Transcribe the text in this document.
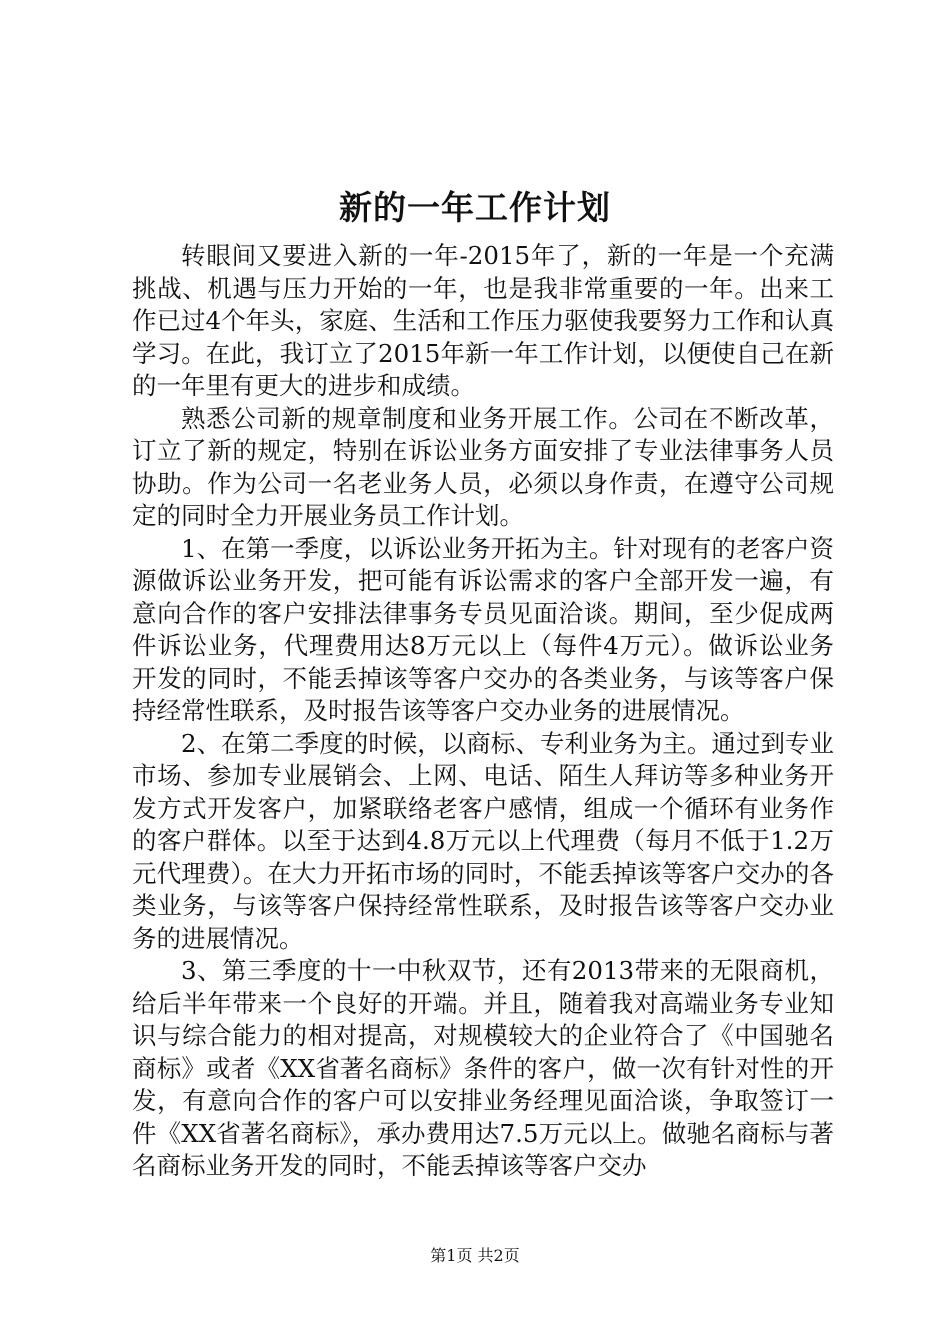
新的一年工作计划

转眼间又要进入新的一年-2015年了，新的一年是一个充满挑战、机遇与压力开始的一年，也是我非常重要的一年。出来工作已过4个年头，家庭、生活和工作压力驱使我要努力工作和认真学习。在此，我订立了2015年新一年工作计划，以便使自己在新的一年里有更大的进步和成绩。

熟悉公司新的规章制度和业务开展工作。公司在不断改革，订立了新的规定，特别在诉讼业务方面安排了专业法律事务人员协助。作为公司一名老业务人员，必须以身作责，在遵守公司规定的同时全力开展业务员工作计划。

1、在第一季度，以诉讼业务开拓为主。针对现有的老客户资源做诉讼业务开发，把可能有诉讼需求的客户全部开发一遍，有意向合作的客户安排法律事务专员见面洽谈。期间，至少促成两件诉讼业务，代理费用达8万元以上（每件4万元）。做诉讼业务开发的同时，不能丢掉该等客户交办的各类业务，与该等客户保持经常性联系，及时报告该等客户交办业务的进展情况。

2、在第二季度的时候，以商标、专利业务为主。通过到专业市场、参加专业展销会、上网、电话、陌生人拜访等多种业务开发方式开发客户，加紧联络老客户感情，组成一个循环有业务作的客户群体。以至于达到4.8万元以上代理费（每月不低于1.2万元代理费）。在大力开拓市场的同时，不能丢掉该等客户交办的各类业务，与该等客户保持经常性联系，及时报告该等客户交办业务的进展情况。

3、第三季度的十一中秋双节，还有2013带来的无限商机，给后半年带来一个良好的开端。并且，随着我对高端业务专业知识与综合能力的相对提高，对规模较大的企业符合了《中国驰名商标》或者《XX省著名商标》条件的客户，做一次有针对性的开发，有意向合作的客户可以安排业务经理见面洽谈，争取签订一件《XX省著名商标》，承办费用达7.5万元以上。做驰名商标与著名商标业务开发的同时，不能丢掉该等客户交办

第1页 共2页
